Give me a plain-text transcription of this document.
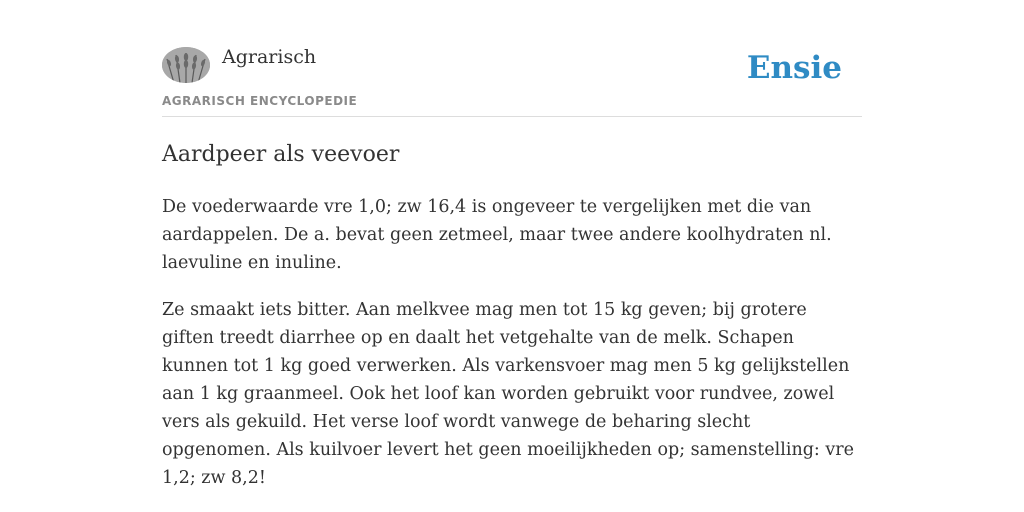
Agrarisch
AGRARISCH ENCYCLOPEDIE
Ensie
Aardpeer als veevoer

De voederwaarde vre 1,0; zw 16,4 is ongeveer te vergelijken met die van aardappelen. De a. bevat geen zetmeel, maar twee andere koolhydraten nl. laevuline en inuline.

Ze smaakt iets bitter. Aan melkvee mag men tot 15 kg geven; bij grotere giften treedt diarrhee op en daalt het vetgehalte van de melk. Schapen kunnen tot 1 kg goed verwerken. Als varkensvoer mag men 5 kg gelijkstellen aan 1 kg graanmeel. Ook het loof kan worden gebruikt voor rundvee, zowel vers als gekuild. Het verse loof wordt vanwege de beharing slecht opgenomen. Als kuilvoer levert het geen moeilijkheden op; samenstelling: vre 1,2; zw 8,2!
